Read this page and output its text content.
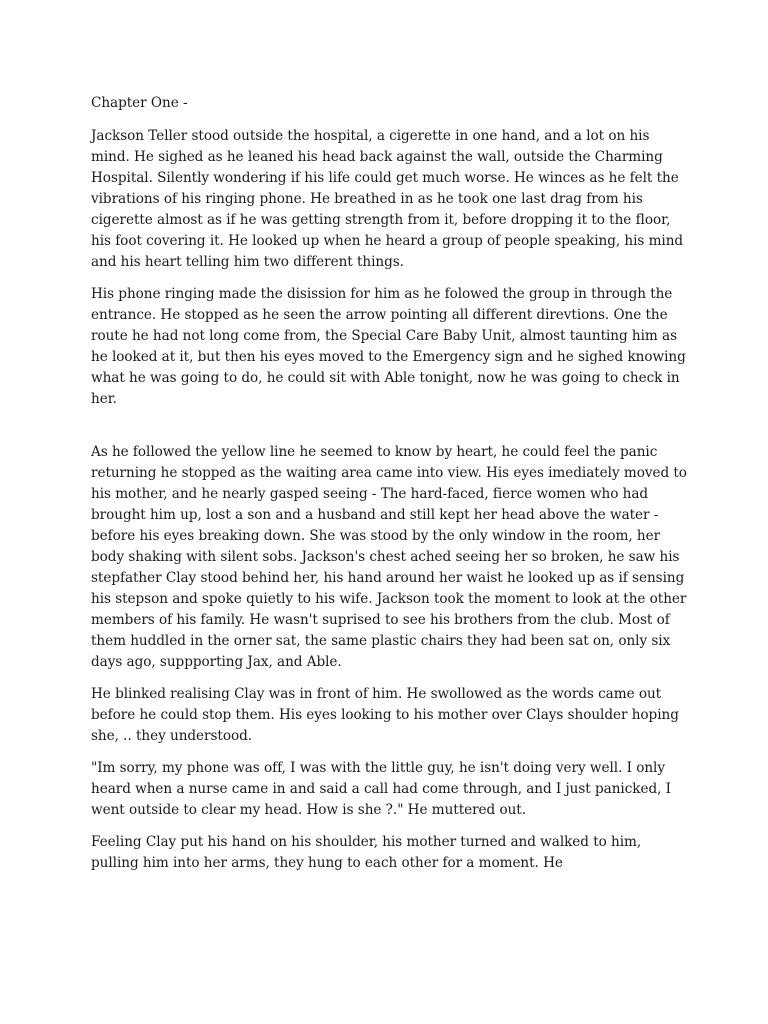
Chapter One -

Jackson Teller stood outside the hospital, a cigerette in one hand, and a lot on his mind. He sighed as he leaned his head back against the wall, outside the Charming Hospital. Silently wondering if his life could get much worse. He winces as he felt the vibrations of his ringing phone. He breathed in as he took one last drag from his cigerette almost as if he was getting strength from it, before dropping it to the floor, his foot covering it. He looked up when he heard a group of people speaking, his mind and his heart telling him two different things.

His phone ringing made the disission for him as he folowed the group in through the entrance. He stopped as he seen the arrow pointing all different direvtions. One the route he had not long come from, the Special Care Baby Unit, almost taunting him as he looked at it, but then his eyes moved to the Emergency sign and he sighed knowing what he was going to do, he could sit with Able tonight, now he was going to check in her.

As he followed the yellow line he seemed to know by heart, he could feel the panic returning he stopped as the waiting area came into view. His eyes imediately moved to his mother, and he nearly gasped seeing - The hard-faced, fierce women who had brought him up, lost a son and a husband and still kept her head above the water - before his eyes breaking down. She was stood by the only window in the room, her body shaking with silent sobs. Jackson's chest ached seeing her so broken, he saw his stepfather Clay stood behind her, his hand around her waist he looked up as if sensing his stepson and spoke quietly to his wife. Jackson took the moment to look at the other members of his family. He wasn't suprised to see his brothers from the club. Most of them huddled in the orner sat, the same plastic chairs they had been sat on, only six days ago, suppporting Jax, and Able.

He blinked realising Clay was in front of him. He swollowed as the words came out before he could stop them. His eyes looking to his mother over Clays shoulder hoping she, .. they understood.

"Im sorry, my phone was off, I was with the little guy, he isn't doing very well. I only heard when a nurse came in and said a call had come through, and I just panicked, I went outside to clear my head. How is she ?." He muttered out.

Feeling Clay put his hand on his shoulder, his mother turned and walked to him, pulling him into her arms, they hung to each other for a moment. He
